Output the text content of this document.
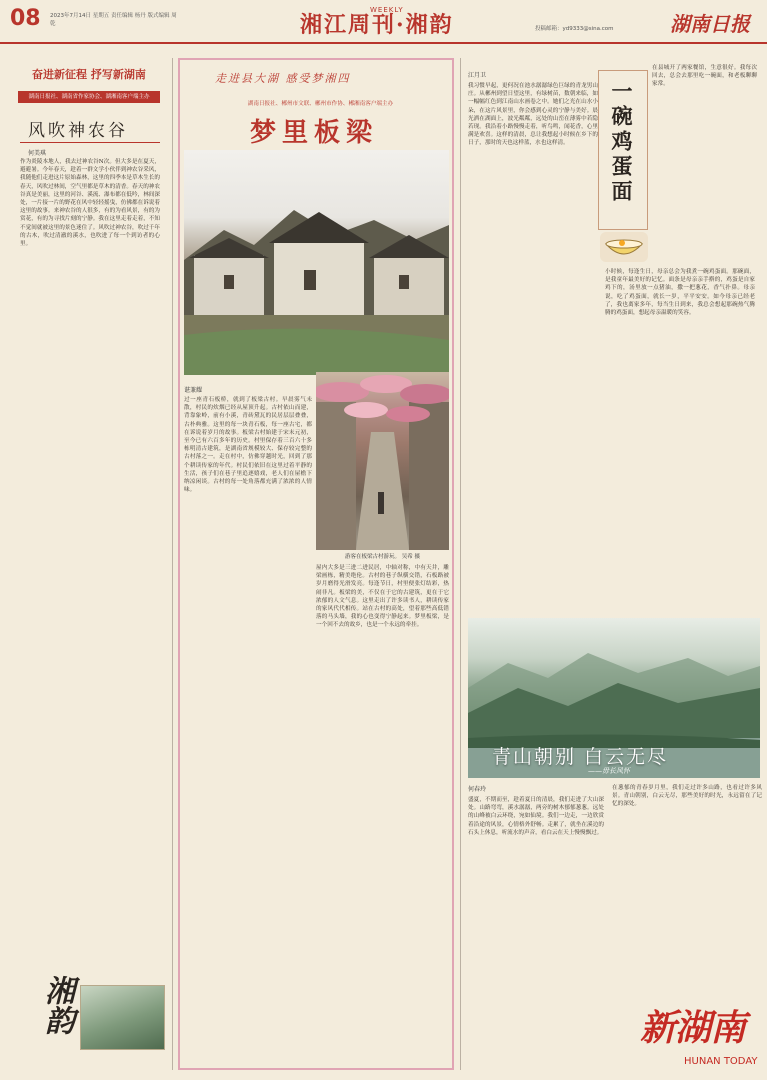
08 2023年7月14日 星期五 责任编辑 杨丹 版式编辑 周乾	湘江周刊·湘韵
WEEKLY
投稿邮箱：yd9333@sina.com	湖南日报
奋进新征程 抒写新湖南
湖南日报社、湖南省作家协会、湖湘南客户端主办
风吹神农谷
何美琪
作为炎陵本地人，我去过神农谷N次。但大多是在夏天，避避暑。今年春天，趁着一群文学小伙伴到神农谷采风，我随他们走进这片原始森林，这里的四季本是草木生长的春天，风吹过林间，空气里都是草木的清香。春天的神农谷真是美丽，这里的河谷、溪流、瀑布都在低吟，林间深处，一片接一片的野花在风中轻轻摇曳，仿佛都在诉说着这里的故事。来神农谷的人很多，有的为看风景，有的为赏花，有的为寻找片刻的宁静。我在这里走着走着，不知不觉间就被这里的景色迷住了。风吹过神农谷，吹过千年的古木，吹过清澈的溪水，也吹进了每一个到访者的心里。
湘韵
走进县大湖 感受梦湘四
湖南日报社、郴州市文联、郴州市作协、郴湘南客户端主办
梦里板梁
谌兼耀
过一座青石板桥，就到了板梁古村。早晨雾气未散，村民的炊烟已经从屋顶升起。古村依山而建，背靠象岭，前有小溪，青砖黛瓦的民居层层叠叠，古朴典雅。这里的每一块青石板，每一座古宅，都在诉说着岁月的故事。板梁古村始建于宋末元初，至今已有六百多年的历史。村里保存着三百六十多栋明清古建筑，是湖南省规模较大、保存较完整的古村落之一。走在村中，仿佛穿越时光，回到了那个耕读传家的年代。村民们依旧在这里过着平静的生活，孩子们在巷子里追逐嬉戏，老人们在屋檐下纳凉闲谈。古村的每一处角落都充满了浓浓的人情味。
游客在板梁古村游玩。 吴希 摄
屋内大多是三进二进民居，中轴对称，中有天井，雕梁画栋，精美绝伦。古村的巷子纵横交错，石板路被岁月磨得光滑发亮。每逢节日，村里便张灯结彩，热闹非凡。板梁的美，不仅在于它的古建筑，更在于它浓郁的人文气息。这里走出了许多读书人，耕读传家的家风代代相传。站在古村的高处，望着那些高低错落的马头墙，我的心也变得宁静起来。梦里板梁，是一个回不去的故乡，也是一个永远的牵挂。
江月卫
我习惯早起，更何况在池水潺潺绿色巨绿的青龙男山庄。从郴州到望日望这里，有绿树苗，数朝来临，如一幅幅红色到江南山水画卷之中。她们之光在山水小朵，在这片风景里，你会感到心灵的宁静与美好。晨光洒在湖面上，波光粼粼，远处的山峦在薄雾中若隐若现。我沿着小路慢慢走着，听鸟鸣，闻花香，心里满是欢喜。这样的清晨，总让我想起小时候在乡下的日子，那时的天也这样蓝，水也这样清。	一碗鸡蛋面
在县城开了两家餐馆，生意很好。我每次回去，总会去那里吃一碗面，和老板聊聊家常。
小时候，每逢生日，母亲总会为我煮一碗鸡蛋面。那碗面，是我童年最美好的记忆。面条是母亲亲手擀的，鸡蛋是自家鸡下的，汤里放一点猪油，撒一把葱花，香气扑鼻。母亲说，吃了鸡蛋面，就长一岁，平平安安。如今母亲已经老了，我也离家多年，每当生日到来，我总会想起那碗热气腾腾的鸡蛋面，想起母亲温暖的笑容。
青山朝别 白云无尽
——毋长风怀
何春玲
盛夏，不期而至，趁着夏日的清晨，我们走进了大山深处。山路弯弯，溪水潺潺，两旁的树木郁郁葱葱。远处的山峰被白云环绕，宛如仙境。我们一边走，一边欣赏着沿途的风景，心情格外舒畅。走累了，就坐在溪边的石头上休息，听流水的声音，看白云在天上慢慢飘过。
在葱郁的青春岁月里，我们走过许多山路，也看过许多风景。青山朝别，白云无尽，那些美好的时光，永远留在了记忆的深处。
新湖南
HUNAN TODAY
